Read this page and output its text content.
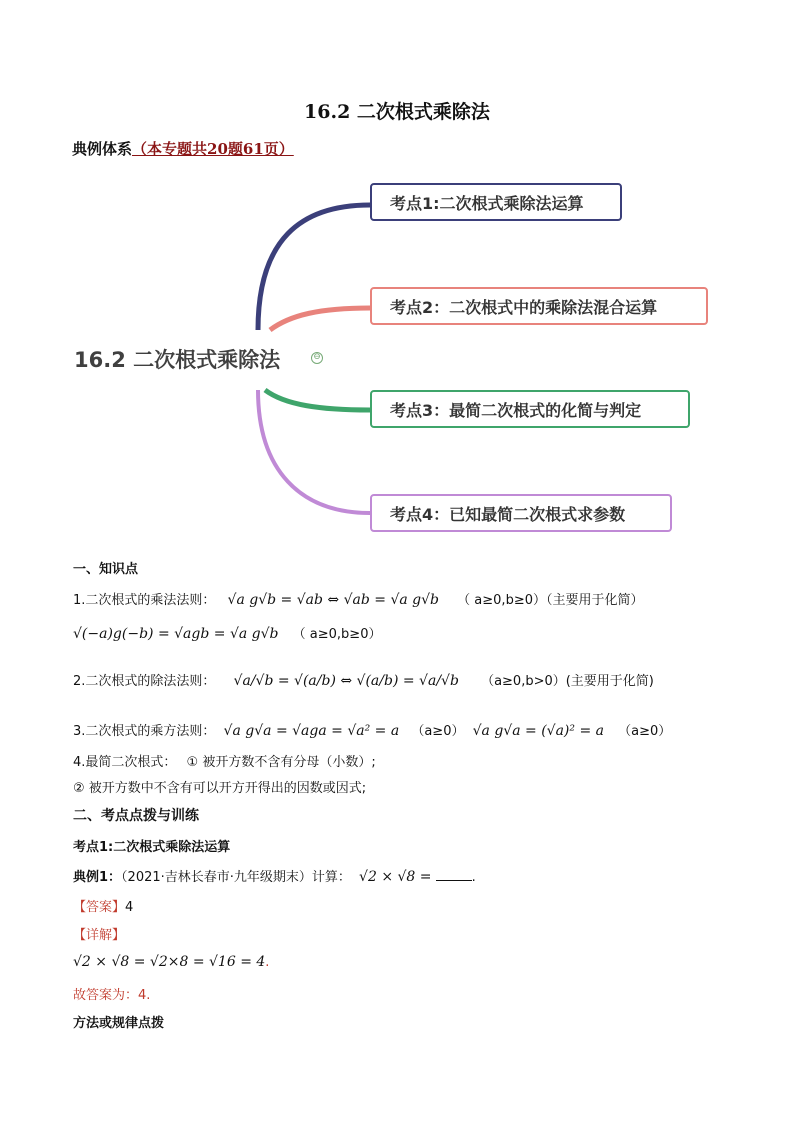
16.2 二次根式乘除法
典例体系（本专题共20题61页）
16.2 二次根式乘除法	⊖
考点1:二次根式乘除法运算
考点2：二次根式中的乘除法混合运算
考点3：最简二次根式的化简与判定
考点4：已知最简二次根式求参数
一、知识点
1.二次根式的乘法法则： √a g√b = √ab ⇔ √ab = √a g√b （ a≥0,b≥0）（主要用于化简）
√(−a)g(−b) = √agb = √a g√b （ a≥0,b≥0）
2.二次根式的除法法则： √a/√b = √(a/b) ⇔ √(a/b) = √a/√b （a≥0,b>0）(主要用于化简)
3.二次根式的乘方法则： √a g√a = √aga = √a² = a （a≥0） √a g√a = (√a)² = a （a≥0）
4.最简二次根式： ① 被开方数不含有分母（小数）;
② 被开方数中不含有可以开方开得出的因数或因式;
二、考点点拨与训练
考点1:二次根式乘除法运算
典例1：（2021·吉林长春市·九年级期末）计算： √2 × √8 =	.
【答案】4
【详解】
√2 × √8 = √2×8 = √16 = 4.
故答案为：4.
方法或规律点拨
